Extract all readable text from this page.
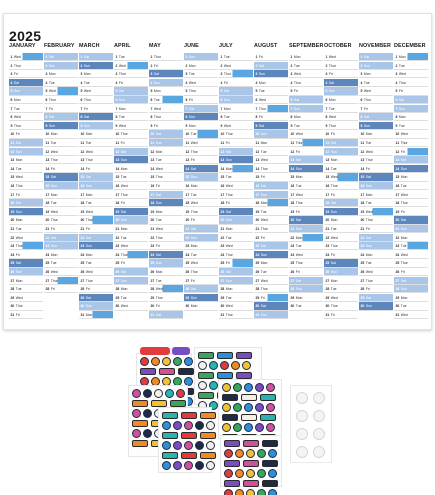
2025
JANUARY
1 Wed
2 Thur
3 Fri
4 Sat
5 Sun
6 Mon
7 Tue
8 Wed
9 Thur
10 Fri
11 Sat
12 Sun
13 Mon
14 Tue
15 Wed
16 Thur
17 Fri
18 Sat
19 Sun
20 Mon
21 Tue
22 Wed
23 Thur
24 Fri
25 Sat
26 Sun
27 Mon
28 Tue
29 Wed
30 Thur
31 Fri
FEBRUARY
1 Sat
2 Sun
3 Mon
4 Tue
5 Wed
6 Thur
7 Fri
8 Sat
9 Sun
10 Mon
11 Tue
12 Wed
13 Thur
14 Fri
15 Sat
16 Sun
17 Mon
18 Tue
19 Wed
20 Thur
21 Fri
22 Sat
23 Sun
24 Mon
25 Tue
26 Wed
27 Thur
28 Fri
MARCH
1 Sat
2 Sun
3 Mon
4 Tue
5 Wed
6 Thur
7 Fri
8 Sat
9 Sun
10 Mon
11 Tue
12 Wed
13 Thur
14 Fri
15 Sat
16 Sun
17 Mon
18 Tue
19 Wed
20 Thur
21 Fri
22 Sat
23 Sun
24 Mon
25 Tue
26 Wed
27 Thur
28 Fri
29 Sat
30 Sun
31 Mon
APRIL
1 Tue
2 Wed
3 Thur
4 Fri
5 Sat
6 Sun
7 Mon
8 Tue
9 Wed
10 Thur
11 Fri
12 Sat
13 Sun
14 Mon
15 Tue
16 Wed
17 Thur
18 Fri
19 Sat
20 Sun
21 Mon
22 Tue
23 Wed
24 Thur
25 Fri
26 Sat
27 Sun
28 Mon
29 Tue
30 Wed
MAY
1 Thur
2 Fri
3 Sat
4 Sun
5 Mon
6 Tue
7 Wed
8 Thur
9 Fri
10 Sat
11 Sun
12 Mon
13 Tue
14 Wed
15 Thur
16 Fri
17 Sat
18 Sun
19 Mon
20 Tue
21 Wed
22 Thur
23 Fri
24 Sat
25 Sun
26 Mon
27 Tue
28 Wed
29 Thur
30 Fri
31 Sat
JUNE
1 Sun
2 Mon
3 Tue
4 Wed
5 Thur
6 Fri
7 Sat
8 Sun
9 Mon
10 Tue
11 Wed
12 Thur
13 Fri
14 Sat
15 Sun
16 Mon
17 Tue
18 Wed
19 Thur
20 Fri
21 Sat
22 Sun
23 Mon
24 Tue
25 Wed
26 Thur
27 Fri
28 Sat
29 Sun
30 Mon
JULY
1 Tue
2 Wed
3 Thur
4 Fri
5 Sat
6 Sun
7 Mon
8 Tue
9 Wed
10 Thur
11 Fri
12 Sat
13 Sun
14 Mon
15 Tue
16 Wed
17 Thur
18 Fri
19 Sat
20 Sun
21 Mon
22 Tue
23 Wed
24 Thur
25 Fri
26 Sat
27 Sun
28 Mon
29 Tue
30 Wed
31 Thur
AUGUST
1 Fri
2 Sat
3 Sun
4 Mon
5 Tue
6 Wed
7 Thur
8 Fri
9 Sat
10 Sun
11 Mon
12 Tue
13 Wed
14 Thur
15 Fri
16 Sat
17 Sun
18 Mon
19 Tue
20 Wed
21 Thur
22 Fri
23 Sat
24 Sun
25 Mon
26 Tue
27 Wed
28 Thur
29 Fri
30 Sat
31 Sun
SEPTEMBER
1 Mon
2 Tue
3 Wed
4 Thur
5 Fri
6 Sat
7 Sun
8 Mon
9 Tue
10 Wed
11 Thur
12 Fri
13 Sat
14 Sun
15 Mon
16 Tue
17 Wed
18 Thur
19 Fri
20 Sat
21 Sun
22 Mon
23 Tue
24 Wed
25 Thur
26 Fri
27 Sat
28 Sun
29 Mon
30 Tue
OCTOBER
1 Wed
2 Thur
3 Fri
4 Sat
5 Sun
6 Mon
7 Tue
8 Wed
9 Thur
10 Fri
11 Sat
12 Sun
13 Mon
14 Tue
15 Wed
16 Thur
17 Fri
18 Sat
19 Sun
20 Mon
21 Tue
22 Wed
23 Thur
24 Fri
25 Sat
26 Sun
27 Mon
28 Tue
29 Wed
30 Thur
31 Fri
NOVEMBER
1 Sat
2 Sun
3 Mon
4 Tue
5 Wed
6 Thur
7 Fri
8 Sat
9 Sun
10 Mon
11 Tue
12 Wed
13 Thur
14 Fri
15 Sat
16 Sun
17 Mon
18 Tue
19 Wed
20 Thur
21 Fri
22 Sat
23 Sun
24 Mon
25 Tue
26 Wed
27 Thur
28 Fri
29 Sat
30 Sun
DECEMBER
1 Mon
2 Tue
3 Wed
4 Thur
5 Fri
6 Sat
7 Sun
8 Mon
9 Tue
10 Wed
11 Thur
12 Fri
13 Sat
14 Sun
15 Mon
16 Tue
17 Wed
18 Thur
19 Fri
20 Sat
21 Sun
22 Mon
23 Tue
24 Wed
25 Thur
26 Fri
27 Sat
28 Sun
29 Mon
30 Tue
31 Wed
